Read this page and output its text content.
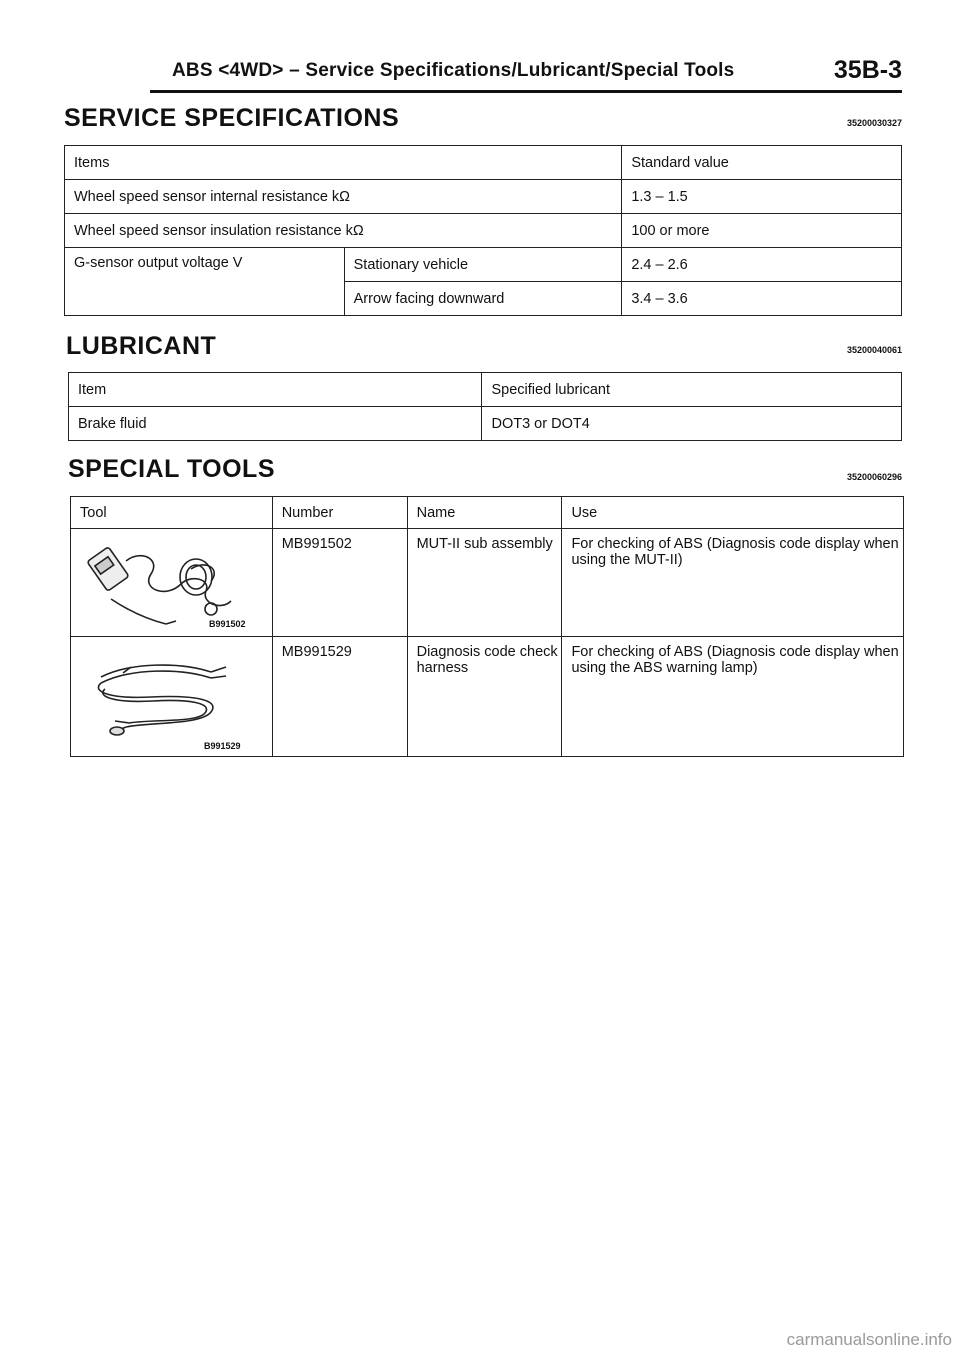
ABS <4WD> – Service Specifications/Lubricant/Special Tools	35B-3
SERVICE SPECIFICATIONS	35200030327
Items		Standard value
Wheel speed sensor internal resistance kΩ		1.3 – 1.5
Wheel speed sensor insulation resistance kΩ		100 or more
G-sensor output voltage V	Stationary vehicle	2.4 – 2.6
	Arrow facing downward	3.4 – 3.6
LUBRICANT	35200040061
Item	Specified lubricant
Brake fluid	DOT3 or DOT4
SPECIAL TOOLS	35200060296
Tool	Number	Name	Use

B991502	MB991502	MUT-II sub assembly	For checking of ABS (Diagnosis code display when using the MUT-II)

B991529	MB991529	Diagnosis code check harness	For checking of ABS (Diagnosis code display when using the ABS warning lamp)
carmanualsonline.info
